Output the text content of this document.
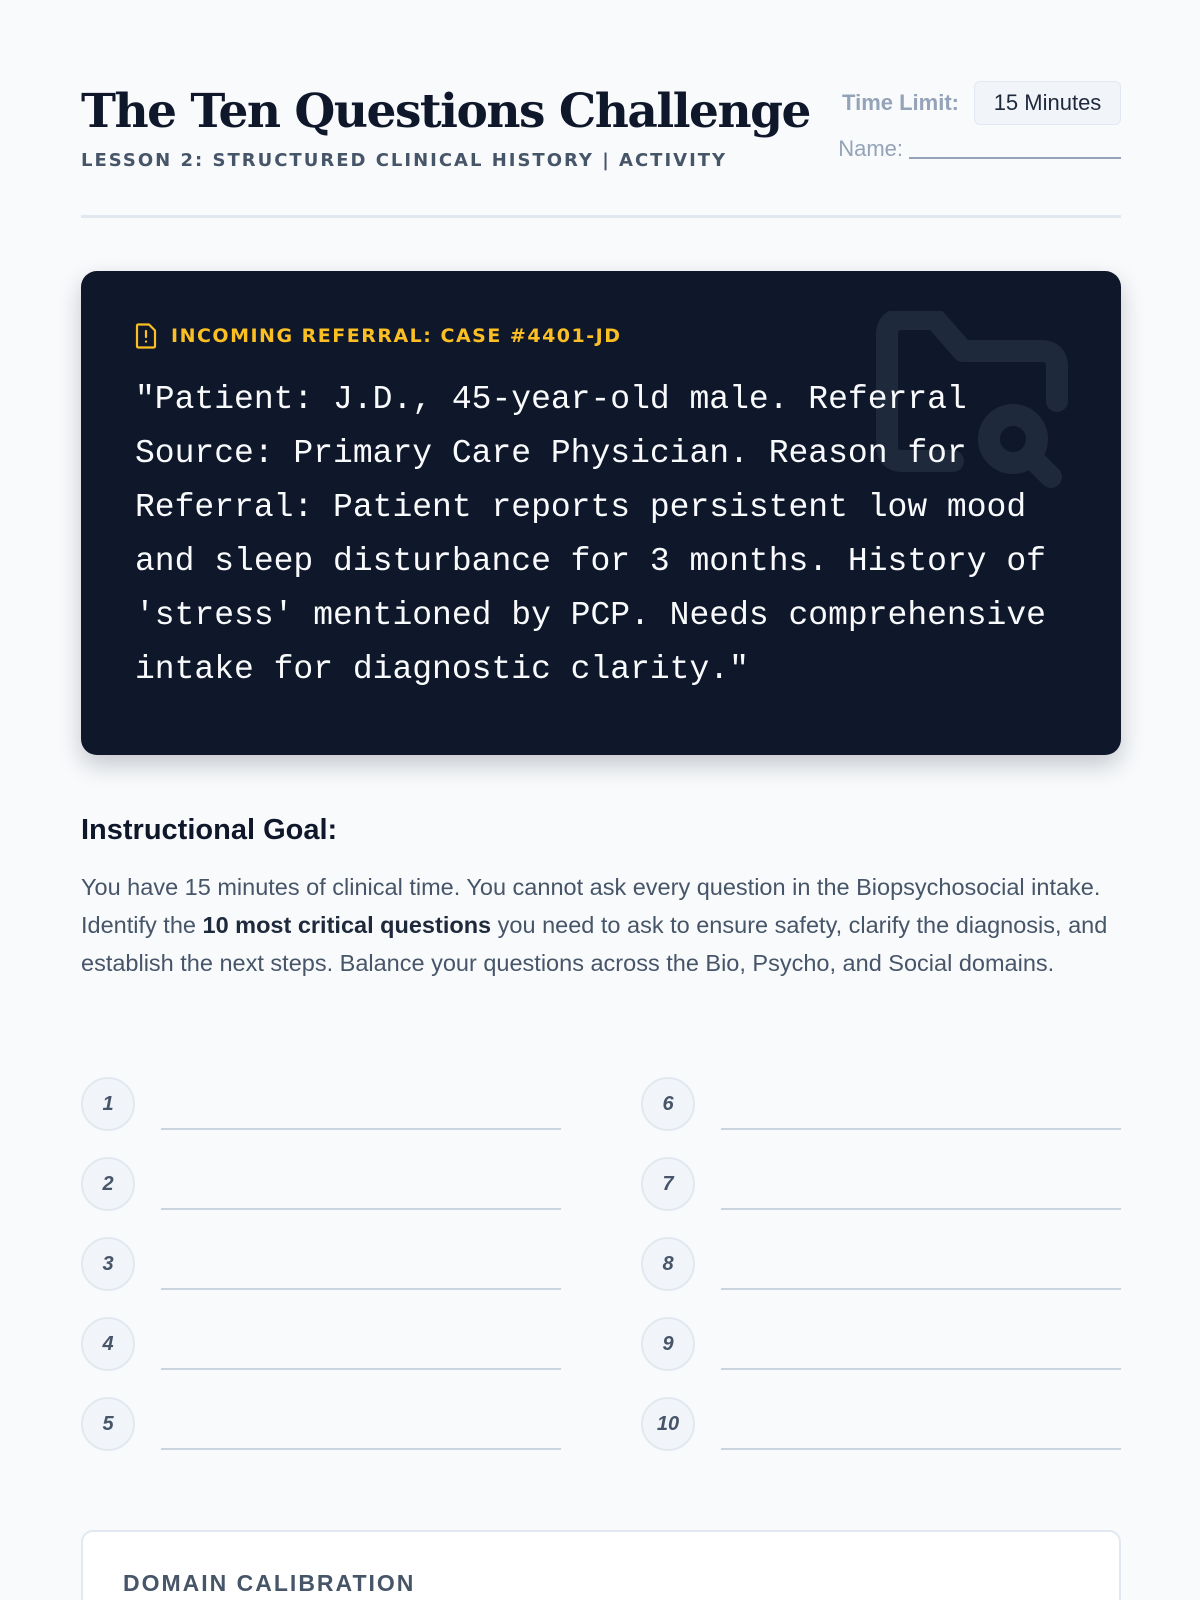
The Ten Questions Challenge
LESSON 2: STRUCTURED CLINICAL HISTORY | ACTIVITY
Time Limit:	15 Minutes
Name:
INCOMING REFERRAL: CASE #4401-JD

"Patient: J.D., 45-year-old male. Referral Source: Primary Care Physician. Reason for Referral: Patient reports persistent low mood and sleep disturbance for 3 months. History of 'stress' mentioned by PCP. Needs comprehensive intake for diagnostic clarity."

Instructional Goal:

You have 15 minutes of clinical time. You cannot ask every question in the Biopsychosocial intake. Identify the 10 most critical questions you need to ask to ensure safety, clarify the diagnosis, and establish the next steps. Balance your questions across the Bio, Psycho, and Social domains.

1
2
3
4
5
6
7
8
9
10
DOMAIN CALIBRATION
